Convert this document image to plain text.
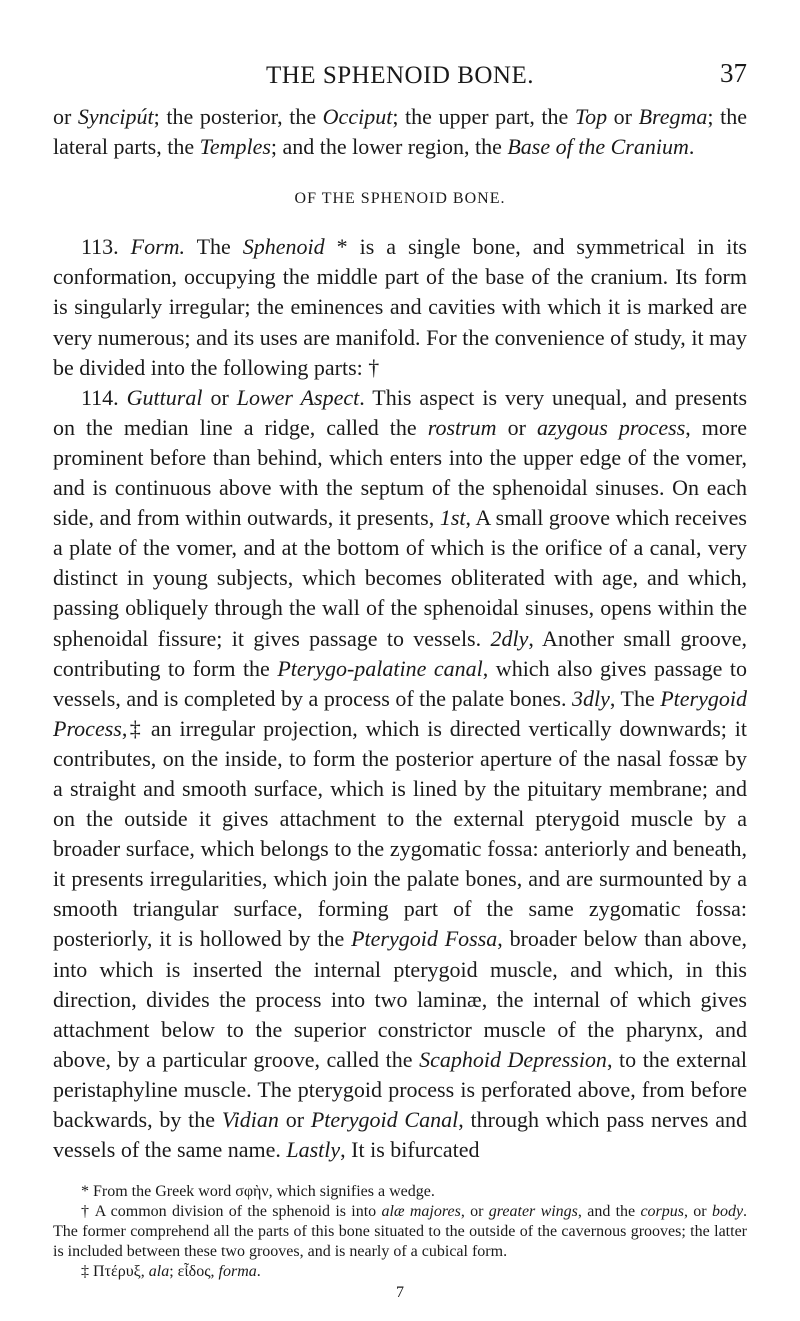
THE SPHENOID BONE.	37

or Syncipút; the posterior, the Occiput; the upper part, the Top or Bregma; the lateral parts, the Temples; and the lower region, the Base of the Cranium.

OF THE SPHENOID BONE.

113. Form. The Sphenoid * is a single bone, and symmetrical in its conformation, occupying the middle part of the base of the cranium. Its form is singularly irregular; the eminences and cavities with which it is marked are very numerous; and its uses are manifold. For the convenience of study, it may be divided into the following parts: †

114. Guttural or Lower Aspect. This aspect is very unequal, and presents on the median line a ridge, called the rostrum or azygous process, more prominent before than behind, which enters into the upper edge of the vomer, and is continuous above with the septum of the sphenoidal sinuses. On each side, and from within outwards, it presents, 1st, A small groove which receives a plate of the vomer, and at the bottom of which is the orifice of a canal, very distinct in young subjects, which becomes obliterated with age, and which, passing obliquely through the wall of the sphenoidal sinuses, opens within the sphenoidal fissure; it gives passage to vessels. 2dly, Another small groove, contributing to form the Pterygo-palatine canal, which also gives passage to vessels, and is completed by a process of the palate bones. 3dly, The Pterygoid Process,‡ an irregular projection, which is directed vertically downwards; it contributes, on the inside, to form the posterior aperture of the nasal fossæ by a straight and smooth surface, which is lined by the pituitary membrane; and on the outside it gives attachment to the external pterygoid muscle by a broader surface, which belongs to the zygomatic fossa: anteriorly and beneath, it presents irregularities, which join the palate bones, and are surmounted by a smooth triangular surface, forming part of the same zygomatic fossa: posteriorly, it is hollowed by the Pterygoid Fossa, broader below than above, into which is inserted the internal pterygoid muscle, and which, in this direction, divides the process into two laminæ, the internal of which gives attachment below to the superior constrictor muscle of the pharynx, and above, by a particular groove, called the Scaphoid Depression, to the external peristaphyline muscle. The pterygoid process is perforated above, from before backwards, by the Vidian or Pterygoid Canal, through which pass nerves and vessels of the same name. Lastly, It is bifurcated

* From the Greek word σφὴν, which signifies a wedge.

† A common division of the sphenoid is into alæ majores, or greater wings, and the corpus, or body. The former comprehend all the parts of this bone situated to the outside of the cavernous grooves; the latter is included between these two grooves, and is nearly of a cubical form.

‡ Πτέρυξ, ala; εἶδος, forma.

7
